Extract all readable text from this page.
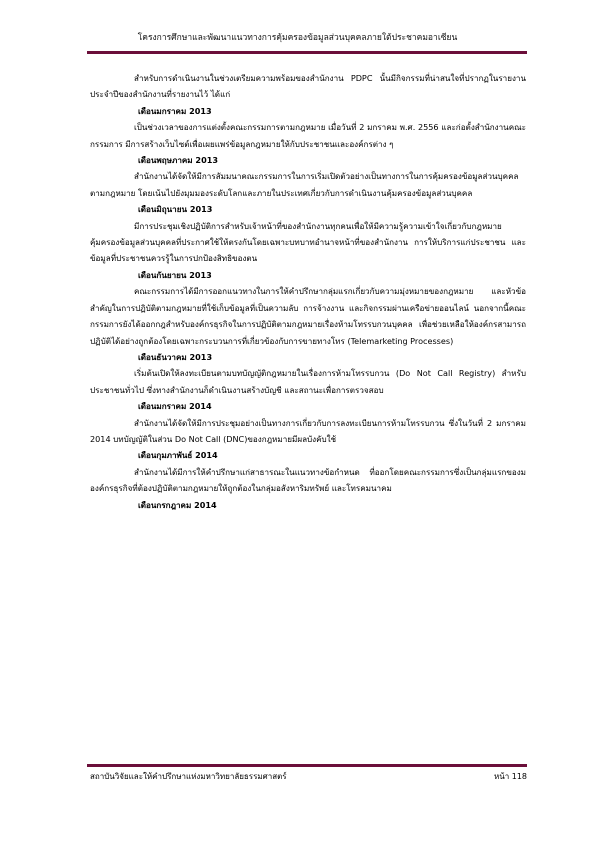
โครงการศึกษาและพัฒนาแนวทางการคุ้มครองข้อมูลส่วนบุคคลภายใต้ประชาคมอาเซียน

สำหรับการดำเนินงานในช่วงเตรียมความพร้อมของสำนักงาน PDPC นั้นมีกิจกรรมที่น่าสนใจที่ปรากฏในรายงานประจำปีของสำนักงานที่รายงานไว้ ได้แก่

เดือนมกราคม 2013

เป็นช่วงเวลาของการแต่งตั้งคณะกรรมการตามกฎหมาย เมื่อวันที่ 2 มกราคม พ.ศ. 2556 และก่อตั้งสำนักงานคณะกรรมการ มีการสร้างเว็บไซต์เพื่อเผยแพร่ข้อมูลกฎหมายให้กับประชาชนและองค์กรต่าง ๆ

เดือนพฤษภาคม 2013

สำนักงานได้จัดให้มีการสัมมนาคณะกรรมการในการเริ่มเปิดตัวอย่างเป็นทางการในการคุ้มครองข้อมูลส่วนบุคคลตามกฎหมาย โดยเน้นไปยังมุมมองระดับโลกและภายในประเทศเกี่ยวกับการดำเนินงานคุ้มครองข้อมูลส่วนบุคคล

เดือนมิถุนายน 2013

มีการประชุมเชิงปฏิบัติการสำหรับเจ้าหน้าที่ของสำนักงานทุกคนเพื่อให้มีความรู้ความเข้าใจเกี่ยวกับกฎหมายคุ้มครองข้อมูลส่วนบุคคลที่ประกาศใช้ให้ตรงกันโดยเฉพาะบทบาทอำนาจหน้าที่ของสำนักงาน การให้บริการแก่ประชาชน และข้อมูลที่ประชาชนควรรู้ในการปกป้องสิทธิของตน

เดือนกันยายน 2013

คณะกรรมการได้มีการออกแนวทางในการให้คำปรึกษากลุ่มแรกเกี่ยวกับความมุ่งหมายของกฎหมาย และหัวข้อสำคัญในการปฏิบัติตามกฎหมายที่ใช้เก็บข้อมูลที่เป็นความลับ การจ้างงาน และกิจกรรมผ่านเครือข่ายออนไลน์ นอกจากนี้คณะกรรมการยังได้ออกกฎสำหรับองค์กรธุรกิจในการปฏิบัติตามกฎหมายเรื่องห้ามโทรรบกวนบุคคล เพื่อช่วยเหลือให้องค์กรสามารถปฏิบัติได้อย่างถูกต้องโดยเฉพาะกระบวนการที่เกี่ยวข้องกับการขายทางโทร (Telemarketing Processes)

เดือนธันวาคม 2013

เริ่มต้นเปิดให้ลงทะเบียนตามบทบัญญัติกฎหมายในเรื่องการห้ามโทรรบกวน (Do Not Call Registry) สำหรับประชาชนทั่วไป ซึ่งทางสำนักงานก็ดำเนินงานสร้างบัญชี และสถานะเพื่อการตรวจสอบ

เดือนมกราคม 2014

สำนักงานได้จัดให้มีการประชุมอย่างเป็นทางการเกี่ยวกับการลงทะเบียนการห้ามโทรรบกวน ซึ่งในวันที่ 2 มกราคม 2014 บทบัญญัติในส่วน Do Not Call (DNC)ของกฎหมายมีผลบังคับใช้

เดือนกุมภาพันธ์ 2014

สำนักงานได้มีการให้คำปรึกษาแก่สาธารณะในแนวทางข้อกำหนด ที่ออกโดยคณะกรรมการซึ่งเป็นกลุ่มแรกของมองค์กรธุรกิจที่ต้องปฏิบัติตามกฎหมายให้ถูกต้องในกลุ่มอสังหาริมทรัพย์ และโทรคมนาคม

เดือนกรกฎาคม 2014

สถาบันวิจัยและให้คำปรึกษาแห่งมหาวิทยาลัยธรรมศาสตร์	หน้า 118
